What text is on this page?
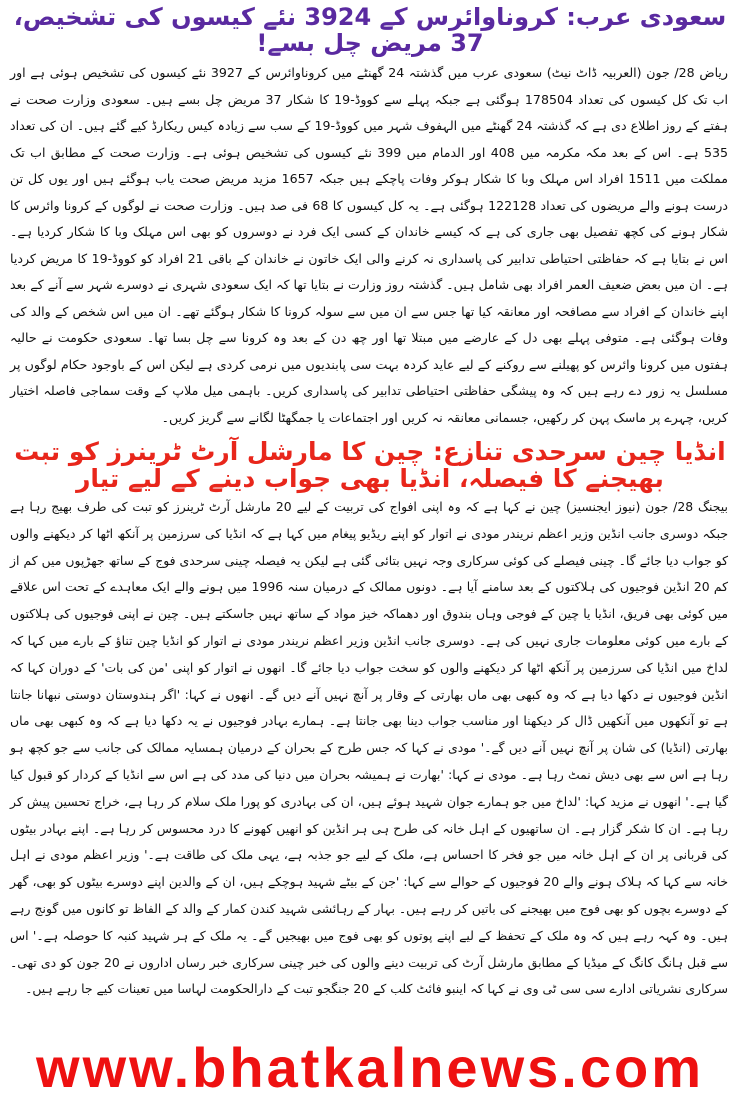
سعودی عرب: کروناوائرس کے 3924 نئے کیسوں کی تشخیص، 37 مریض چل بسے!

ریاض 28/ جون (العربیہ ڈاٹ نیٹ) سعودی عرب میں گذشتہ 24 گھنٹے میں کروناوائرس کے 3927 نئے کیسوں کی تشخیص ہوئی ہے اور اب تک کل کیسوں کی تعداد 178504 ہوگئی ہے جبکہ پہلے سے کووڈ-19 کا شکار 37 مریض چل بسے ہیں۔ سعودی وزارت صحت نے ہفتے کے روز اطلاع دی ہے کہ گذشتہ 24 گھنٹے میں الہفوف شہر میں کووڈ-19 کے سب سے زیادہ کیس ریکارڈ کیے گئے ہیں۔ ان کی تعداد 535 ہے۔ اس کے بعد مکہ مکرمہ میں 408 اور الدمام میں 399 نئے کیسوں کی تشخیص ہوئی ہے۔ وزارت صحت کے مطابق اب تک مملکت میں 1511 افراد اس مہلک وبا کا شکار ہوکر وفات پاچکے ہیں جبکہ 1657 مزید مریض صحت یاب ہوگئے ہیں اور یوں کل تن درست ہونے والے مریضوں کی تعداد 122128 ہوگئی ہے۔ یہ کل کیسوں کا 68 فی صد ہیں۔ وزارت صحت نے لوگوں کے کرونا وائرس کا شکار ہونے کی کچھ تفصیل بھی جاری کی ہے کہ کیسے خاندان کے کسی ایک فرد نے دوسروں کو بھی اس مہلک وبا کا شکار کردیا ہے۔ اس نے بتایا ہے کہ حفاظتی احتیاطی تدابیر کی پاسداری نہ کرنے والی ایک خاتون نے خاندان کے باقی 21 افراد کو کووڈ-19 کا مریض کردیا ہے۔ ان میں بعض ضعیف العمر افراد بھی شامل ہیں۔ گذشتہ روز وزارت نے بتایا تھا کہ ایک سعودی شہری نے دوسرے شہر سے آنے کے بعد اپنے خاندان کے افراد سے مصافحہ اور معانقہ کیا تھا جس سے ان میں سے سولہ کرونا کا شکار ہوگئے تھے۔ ان میں اس شخص کے والد کی وفات ہوگئی ہے۔ متوفی پہلے بھی دل کے عارضے میں مبتلا تھا اور چھ دن کے بعد وہ کرونا سے چل بسا تھا۔ سعودی حکومت نے حالیہ ہفتوں میں کرونا وائرس کو پھیلنے سے روکنے کے لیے عاید کردہ بہت سی پابندیوں میں نرمی کردی ہے لیکن اس کے باوجود حکام لوگوں پر مسلسل یہ زور دے رہے ہیں کہ وہ پیشگی حفاظتی احتیاطی تدابیر کی پاسداری کریں۔ باہمی میل ملاپ کے وقت سماجی فاصلہ اختیار کریں، چہرے پر ماسک پہن کر رکھیں، جسمانی معانقہ نہ کریں اور اجتماعات یا جمگھٹا لگانے سے گریز کریں۔

انڈیا چین سرحدی تنازع: چین کا مارشل آرٹ ٹرینرز کو تبت بھیجنے کا فیصلہ، انڈیا بھی جواب دینے کے لیے تیار

بیجنگ 28/ جون (نیوز ایجنسیز) چین نے کہا ہے کہ وہ اپنی افواج کی تربیت کے لیے 20 مارشل آرٹ ٹرینرز کو تبت کی طرف بھیج رہا ہے جبکہ دوسری جانب انڈین وزیر اعظم نریندر مودی نے اتوار کو اپنے ریڈیو پیغام میں کہا ہے کہ انڈیا کی سرزمین پر آنکھ اٹھا کر دیکھنے والوں کو جواب دیا جائے گا۔ چینی فیصلے کی کوئی سرکاری وجہ نہیں بتائی گئی ہے لیکن یہ فیصلہ چینی سرحدی فوج کے ساتھ جھڑپوں میں کم از کم 20 انڈین فوجیوں کی ہلاکتوں کے بعد سامنے آیا ہے۔ دونوں ممالک کے درمیان سنہ 1996 میں ہونے والے ایک معاہدے کے تحت اس علاقے میں کوئی بھی فریق، انڈیا یا چین کے فوجی وہاں بندوق اور دھماکہ خیز مواد کے ساتھ نہیں جاسکتے ہیں۔ چین نے اپنی فوجیوں کی ہلاکتوں کے بارے میں کوئی معلومات جاری نہیں کی ہے۔ دوسری جانب انڈین وزیر اعظم نریندر مودی نے اتوار کو انڈیا چین تناؤ کے بارے میں کہا کہ لداخ میں انڈیا کی سرزمین پر آنکھ اٹھا کر دیکھنے والوں کو سخت جواب دیا جائے گا۔ انھوں نے اتوار کو اپنی 'من کی بات' کے دوران کہا کہ انڈین فوجیوں نے دکھا دیا ہے کہ وہ کبھی بھی ماں بھارتی کے وقار پر آنچ نہیں آنے دیں گے۔ انھوں نے کہا: 'اگر ہندوستان دوستی نبھانا جانتا ہے تو آنکھوں میں آنکھیں ڈال کر دیکھنا اور مناسب جواب دینا بھی جانتا ہے۔ ہمارے بہادر فوجیوں نے یہ دکھا دیا ہے کہ وہ کبھی بھی ماں بھارتی (انڈیا) کی شان پر آنچ نہیں آنے دیں گے۔' مودی نے کہا کہ جس طرح کے بحران کے درمیان ہمسایہ ممالک کی جانب سے جو کچھ ہو رہا ہے اس سے بھی دیش نمٹ رہا ہے۔ مودی نے کہا: 'بھارت نے ہمیشہ بحران میں دنیا کی مدد کی ہے اس سے انڈیا کے کردار کو قبول کیا گیا ہے۔' انھوں نے مزید کہا: 'لداخ میں جو ہمارے جوان شہید ہوئے ہیں، ان کی بہادری کو پورا ملک سلام کر رہا ہے، خراج تحسین پیش کر رہا ہے۔ ان کا شکر گزار ہے۔ ان ساتھیوں کے اہل خانہ کی طرح ہی ہر انڈین کو انھیں کھونے کا درد محسوس کر رہا ہے۔ اپنے بہادر بیٹوں کی قربانی پر ان کے اہل خانہ میں جو فخر کا احساس ہے، ملک کے لیے جو جذبہ ہے، یہی ملک کی طاقت ہے۔' وزیر اعظم مودی نے اہل خانہ سے کہا کہ ہلاک ہونے والے 20 فوجیوں کے حوالے سے کہا: 'جن کے بیٹے شہید ہوچکے ہیں، ان کے والدین اپنے دوسرے بیٹوں کو بھی، گھر کے دوسرے بچوں کو بھی فوج میں بھیجنے کی باتیں کر رہے ہیں۔ بہار کے رہائشی شہید کندن کمار کے والد کے الفاظ تو کانوں میں گونج رہے ہیں۔ وہ کہہ رہے ہیں کہ وہ ملک کے تحفظ کے لیے اپنے پوتوں کو بھی فوج میں بھیجیں گے۔ یہ ملک کے ہر شہید کنبہ کا حوصلہ ہے۔' اس سے قبل ہانگ کانگ کے میڈیا کے مطابق مارشل آرٹ کی تربیت دینے والوں کی خبر چینی سرکاری خبر رساں اداروں نے 20 جون کو دی تھی۔ سرکاری نشریاتی ادارے سی سی ٹی وی نے کہا کہ اینبو فائٹ کلب کے 20 جنگجو تبت کے دارالحکومت لہاسا میں تعینات کیے جا رہے ہیں۔

www.bhatkalnews.com
